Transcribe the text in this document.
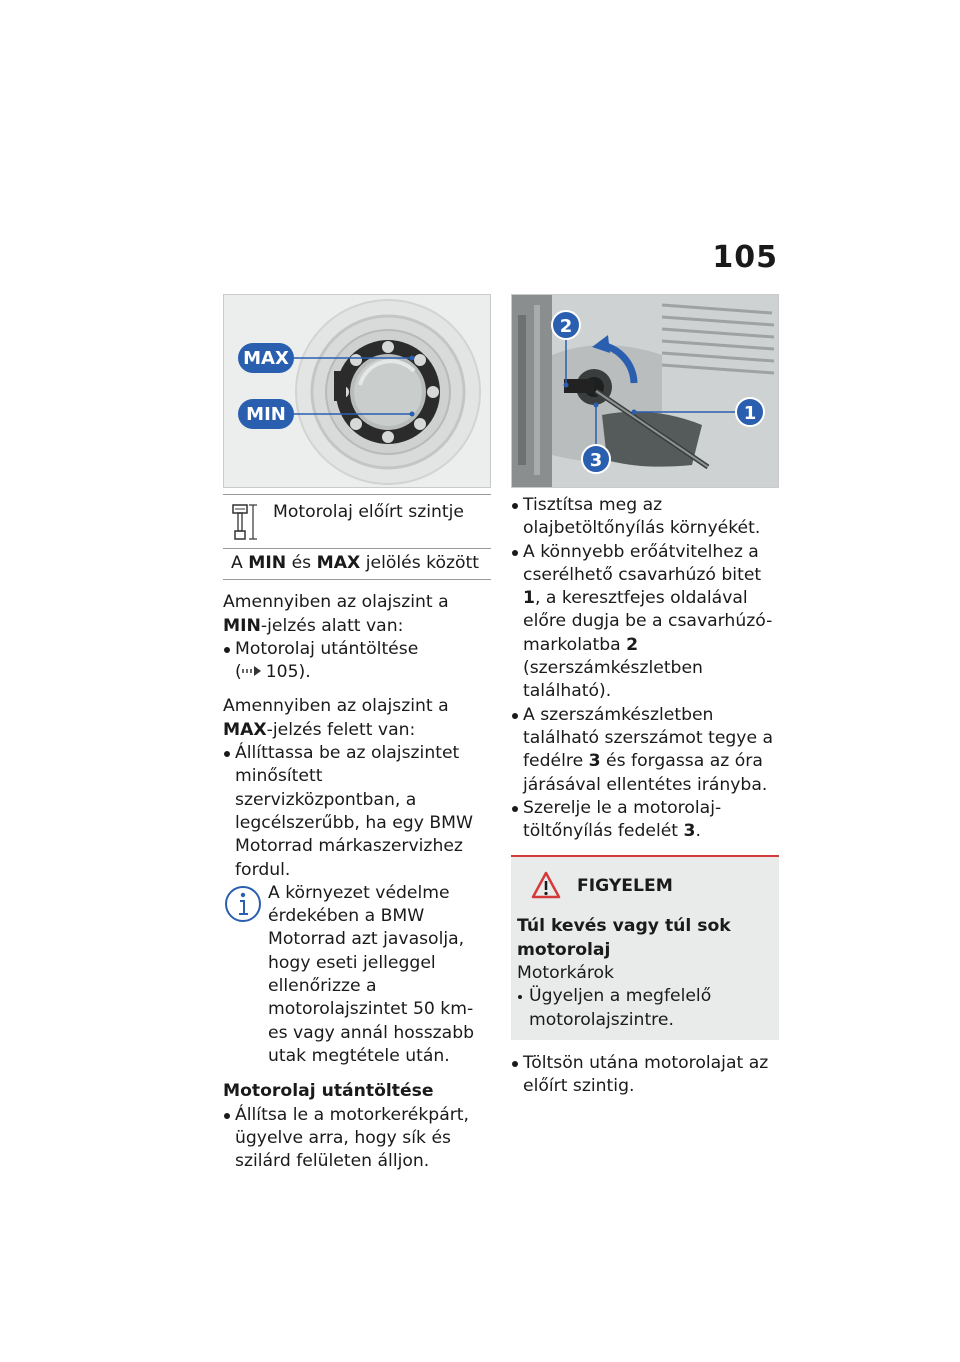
105
MAX
MIN
Motorolaj előírt szintje
A MIN és MAX jelölés között

Amennyiben az olajszint a MIN-jelzés alatt van:

Motorolaj utántöltése
( 105).

Amennyiben az olajszint a
MAX-jelzés felett van:

Állíttassa be az olajszintet minősített szervizközpontban, a legcélszerűbb, ha egy BMW Motorrad márkaszervizhez fordul.

A környezet védelme érdekében a BMW Motorrad azt javasolja, hogy eseti jelleggel ellenőrizze a motorolajszintet 50 km-es vagy annál hosszabb utak megtétele után.

Motorolaj utántöltése

Állítsa le a motorkerékpárt, ügyelve arra, hogy sík és szilárd felületen álljon.
2
1
3
Tisztítsa meg az olajbetöltőnyílás környékét.
A könnyebb erőátvitelhez a cserélhető csavarhúzó bitet 1, a keresztfejes oldalával előre dugja be a csavarhúzó-markolatba 2 (szerszámkészletben található).
A szerszámkészletben található szerszámot tegye a fedélre 3 és forgassa az óra járásával ellentétes irányba.
Szerelje le a motorolaj-töltőnyílás fedelét 3.
FIGYELEM

Túl kevés vagy túl sok motorolaj

Motorkárok

Ügyeljen a megfelelő motorolajszintre.
Töltsön utána motorolajat az előírt szintig.
